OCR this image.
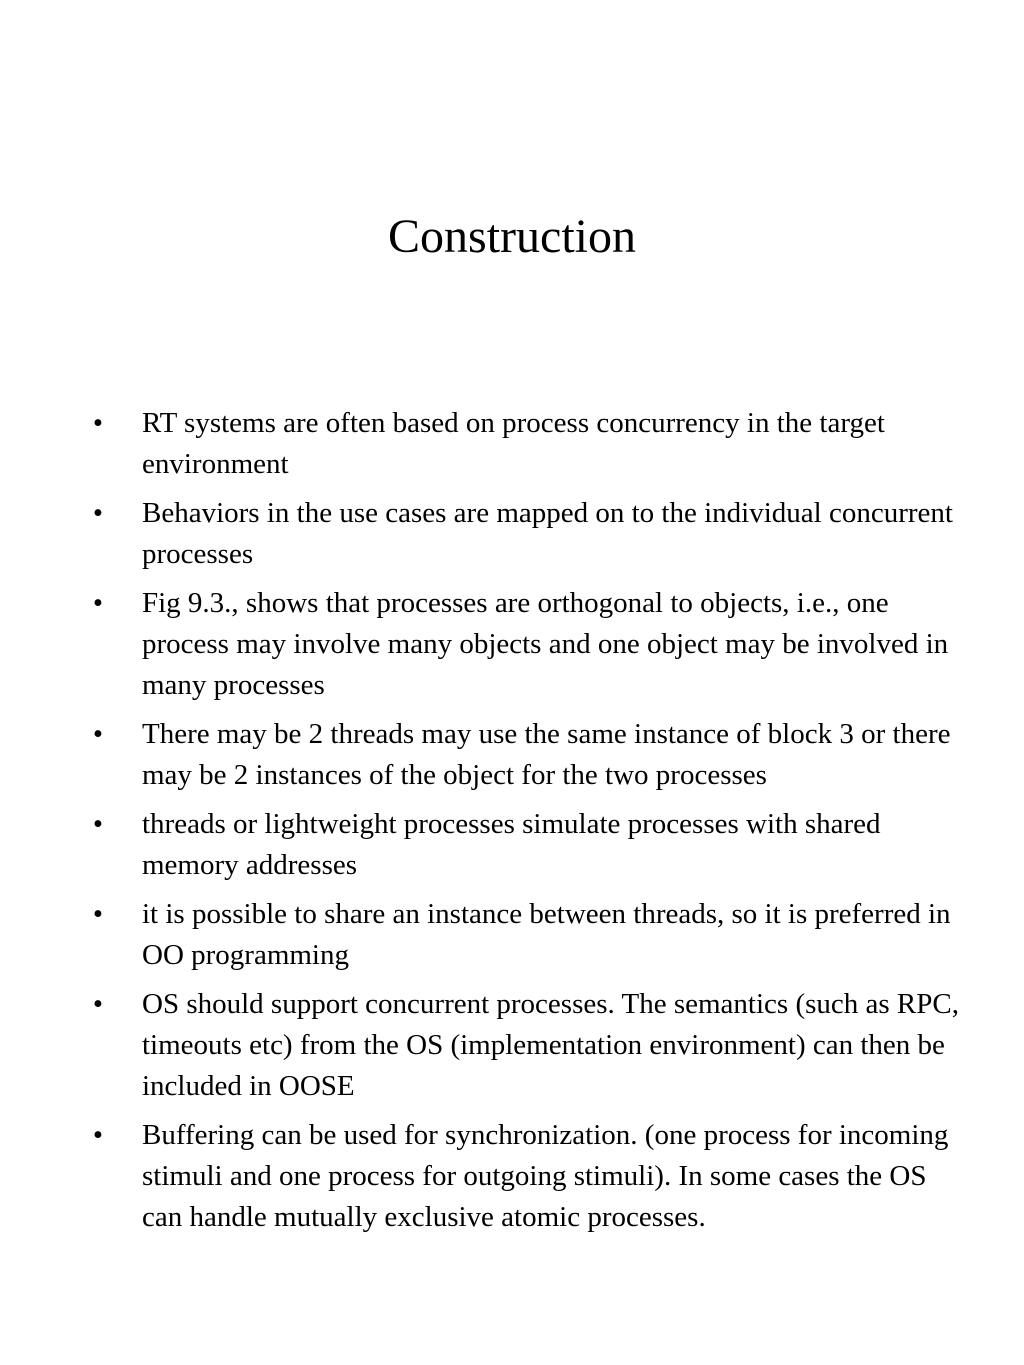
Construction
• RT systems are often based on process concurrency in the target environment
• Behaviors in the use cases are mapped on to the individual concurrent processes
• Fig 9.3., shows that processes are orthogonal to objects, i.e., one process may involve many objects and one object may be involved in many processes
• There may be 2 threads may use the same instance of block 3 or there may be 2 instances of the object for the two processes
• threads or lightweight processes simulate processes with shared memory addresses
• it is possible to share an instance between threads, so it is preferred in OO programming
• OS should support concurrent processes. The semantics (such as RPC, timeouts etc) from the OS (implementation environment) can then be included in OOSE
• Buffering can be used for synchronization. (one process for incoming stimuli and one process for outgoing stimuli). In some cases the OS can handle mutually exclusive atomic processes.
